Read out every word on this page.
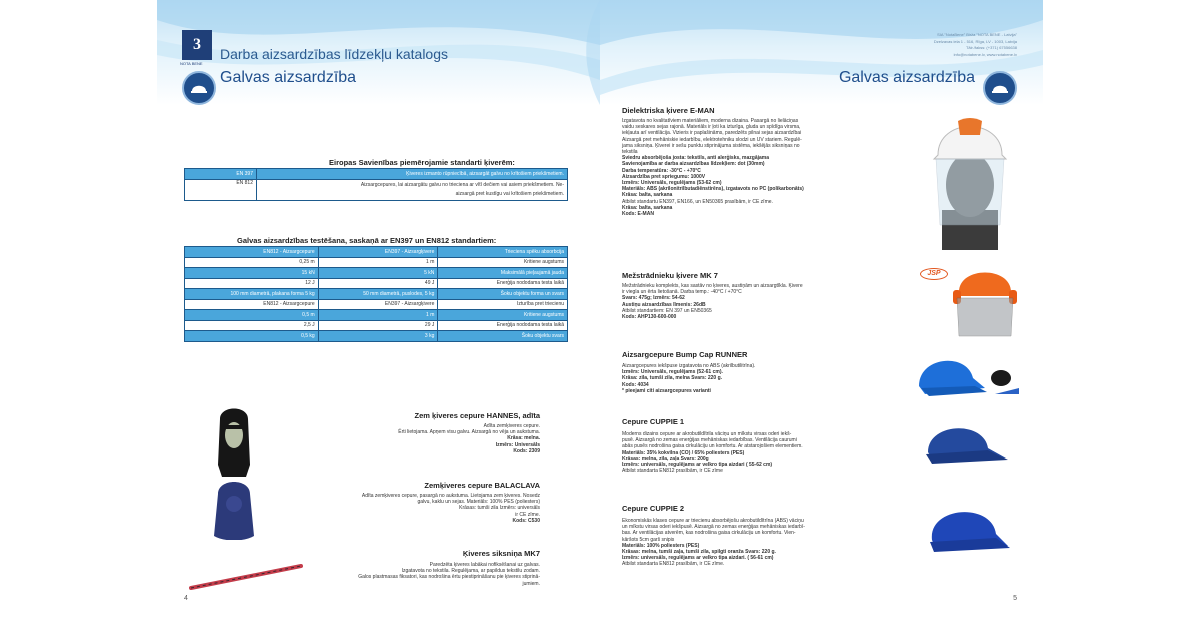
3
NOTA BENE
Darba aizsardzības līdzekļu katalogs
Galvas aizsardzība
Eiropas Savienības piemērojamie standarti ķiverēm:
EN 397	Ķiveres izmanto rūpniecībā, aizsargāt galvu no krītošiem priekšmetiem.
EN 812	Aizsargcepures, lai aizsargātu galvu no triecienа ar vītī dečiem vai asiem priekšmetiem. Ne-
aizsargā pret kustīgu vai krītošiem priekšmetiem.
Galvas aizsardzības testēšana, saskaņā ar EN397 un EN812 standartiem:
EN812 - Aizsargcepure	EN397 - Aizsargķivere	Trieciena spēku absorbcija
0,25 m	1 m	Kritiene augstums
15 kN	5 kN	Maksimālā pieļaujamā jauda
12 J	49 J	Enerģija nododama testa laikā
100 mm diametrā, plakana forma 5 kg	50 mm diametrā, puslodes, 5 kg	Šoku objektu forma un svars
EN812 - Aizsargcepure	EN397 - Aizsargķivere	Izturība pret triecienu
0,5 m	1 m	Kritiene augstums
2,5 J	29 J	Enerģija nododama testa laikā
0,5 kg	3 kg	Šoku objektu svars
Zem ķiveres cepure HANNES, adīta
Adīta zemķiveres cepure.
Ērti lietojama. Apņem visu galvu. Aizsargā no vēja un aukstuma.
Krāsa: melna.
Izmērs: Universāls
Kods: 2309
Zemķiveres cepure BALACLAVA
Adīta zemķiveres cepure, pasargā no aukstuma. Lietojama zem ķiveres. Nosedz
galvu, kaklu un sejas. Materiāls: 100% PES (poliesters)
Krāsas: tumši zila Izmērs: universāls
ir CE zīme.
Kods: C530
Ķiveres siksniņa MK7
Paredzēta ķiveres labākai nofiksēšanai uz galvas.
Izgatavota no tekstila. Regulējama, ar papildus tekstilu zodam.
Galos plastmasas fiksatori, kas nodrošina ērtu piestiprināšanu pie ķiveres stiprinā-
jumiem.
4
SIA "NotaBene" Birža "NOTA BENE - Latvija"
Dzelzavas iela 1 - 516, Rīga, LV - 1003, Latvija
Tālr./fakss: (+371) 67556638
info@notabene.lv, www.notabene.lv
Galvas aizsardzība
Dielektriska ķivere E-MAN
Izgatavota no kvalitatīviem materiāliem, moderna dizaina. Pasargā no lielāciņas
vaidu seskares sejas rajonā. Materiāls ir ļoti ka izturīga, gluda un spīdīga virsma,
iekļauta arī ventilācija. Vizieris ir paplašināms, paredzēts pilnai sejas aizsardzībai
Aizsargā pret mehāniskie iedarbību, elektrotehniku slodzi un UV stariem. Regulē-
jama siksniņa. Ķiverei ir sešu punktu stiprinājuma sistēma, iekšējās siksniņas no
tekstila
Sviedru absorbējoša josta: tekstils, anti alerģisks, mazgājama
Savienojamība ar darba aizsardzības līdzekļiem: dot (30mm)
Darba temperatūra: -30°C - +70°C
Aizsardzība pret spriegumu: 1000V
Izmērs: Universāls, regulējams (53-62 cm)
Materiāls: ABS (akrilonitrilbutadiēnstirēns), izgatavots no PC (polikarbonāts)
Krāsa: balta, sarkana
Atbilst standartu EN397, EN166, un EN50365 prasībām, ir CE zīme.
Krāsa: balta, sarkana
Kods: E-MAN
Mežstrādnieku ķivere MK 7
Mežstrādnieku komplekts, kas sastāv no ķiveres, austiņām un aizsargtīkla. Ķivere
ir viegla un ērta lietošanā. Darba temp.: -40°C / +70°C
Svars: 475g; Izmērs: 54-62
Austiņu aizsardzības līmenis: 26dB
Atbilst standartiem: EN 397 un EN50365
Kods: AHP130-600-000
JSP
Aizsargcepure Bump Cap RUNNER
Aizsargcepures iekšpuse izgatavota no ABS (akrilbutilitrīna).
Izmērs: Universāls, regulējams (52-61 cm).
Krāsa: zila, tumši zila, melna Svars: 220 g.
Kods: 4034
* pieejami citi aizsargcepures varianti
Cepure CUPPIE 1
Moderns dizains cepure ar akrobutildītrila vāciņu un mīkstu virsas oderi iekš-
pusē. Aizsargā no zemas enerģijas mehāniskas iedarbības. Ventilācija caurumi
abās pusēs nodrošina gaisa cirkulāciju un komfortu. Ar atstarojošiem elementiem.
Materiāls: 35% kokvilna (CO) / 65% poliesters (PES)
Krāsas: melna, zila, zaļa Svars: 200g
Izmērs: universāls, regulējams ar velkro tipa aizdari ( 55-62 cm)
Atbilst standarta EN812 prasībām, ir CE zīme
Cepure CUPPIE 2
Ekonomiskās klases cepure ar triecienu absorbējošu akrobutildītrīna (ABS) vāciņu
un mīkstu virsas oderi iekšpusē. Aizsargā no zemas enerģijas mehāniskas iedarbī-
bas. Ar ventilācijas atverēm, kas nodrošina gaisa cirkulāciju un komfortu. Vien-
kāršots 5cm garš snipis
Materiāls: 100% poliesters (PES)
Krāsas: melna, tumši zaļa, tumši zila, spilgti oranža Svars: 220 g.
Izmērs: universāls, regulējams ar velkro tipa aizdari. ( 56-61 cm)
Atbilst standarta EN812 prasībām, ir CE zīme.
5
